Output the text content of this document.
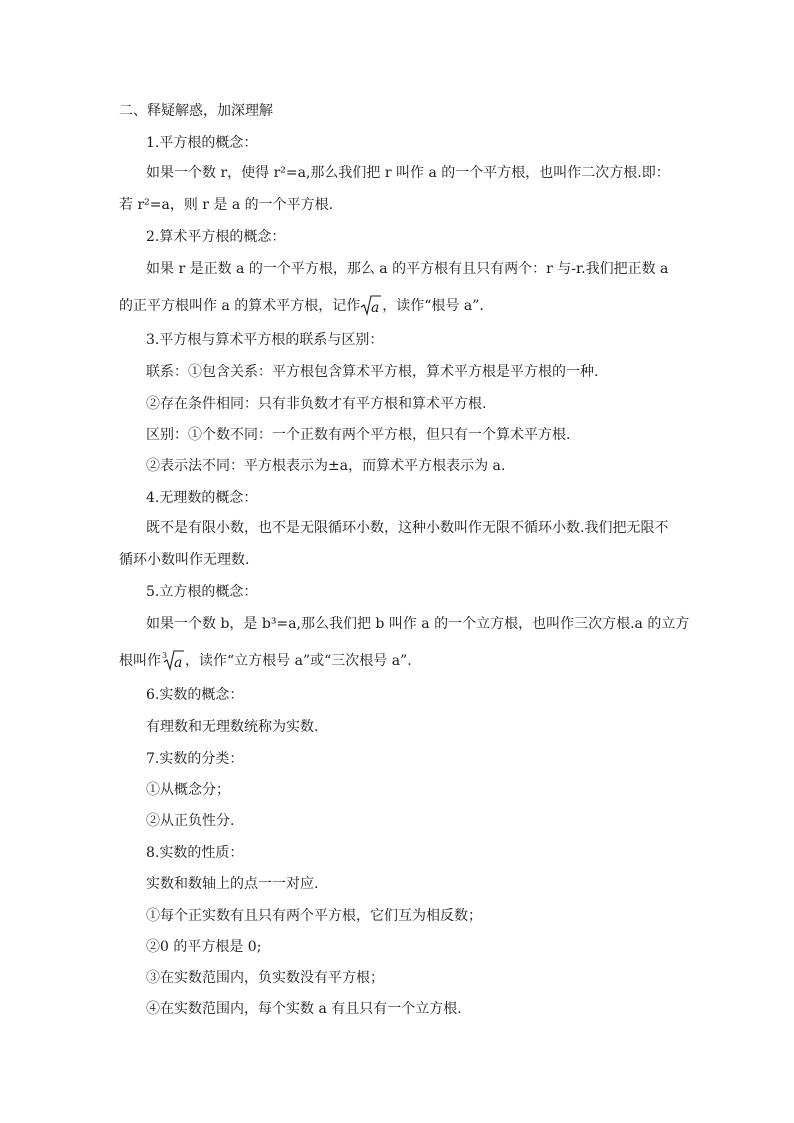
二、释疑解惑，加深理解
1.平方根的概念：
如果一个数 r，使得 r²=a,那么我们把 r 叫作 a 的一个平方根，也叫作二次方根.即：
若 r²=a，则 r 是 a 的一个平方根.
2.算术平方根的概念：
如果 r 是正数 a 的一个平方根，那么 a 的平方根有且只有两个：r 与-r.我们把正数 a
的正平方根叫作 a 的算术平方根，记作 a ，读作“根号 a”.
3.平方根与算术平方根的联系与区别：
联系：①包含关系：平方根包含算术平方根，算术平方根是平方根的一种.
②存在条件相同：只有非负数才有平方根和算术平方根.
区别：①个数不同：一个正数有两个平方根，但只有一个算术平方根.
②表示法不同：平方根表示为±a，而算术平方根表示为 a.
4.无理数的概念：
既不是有限小数，也不是无限循环小数，这种小数叫作无限不循环小数.我们把无限不
循环小数叫作无理数.
5.立方根的概念：
如果一个数 b，是 b³=a,那么我们把 b 叫作 a 的一个立方根，也叫作三次方根.a 的立方
根叫作 3 a ，读作“立方根号 a”或“三次根号 a”.
6.实数的概念：
有理数和无理数统称为实数.
7.实数的分类：
①从概念分；
②从正负性分.
8.实数的性质：
实数和数轴上的点一一对应.
①每个正实数有且只有两个平方根，它们互为相反数；
②0 的平方根是 0;
③在实数范围内，负实数没有平方根；
④在实数范围内，每个实数 a 有且只有一个立方根.
